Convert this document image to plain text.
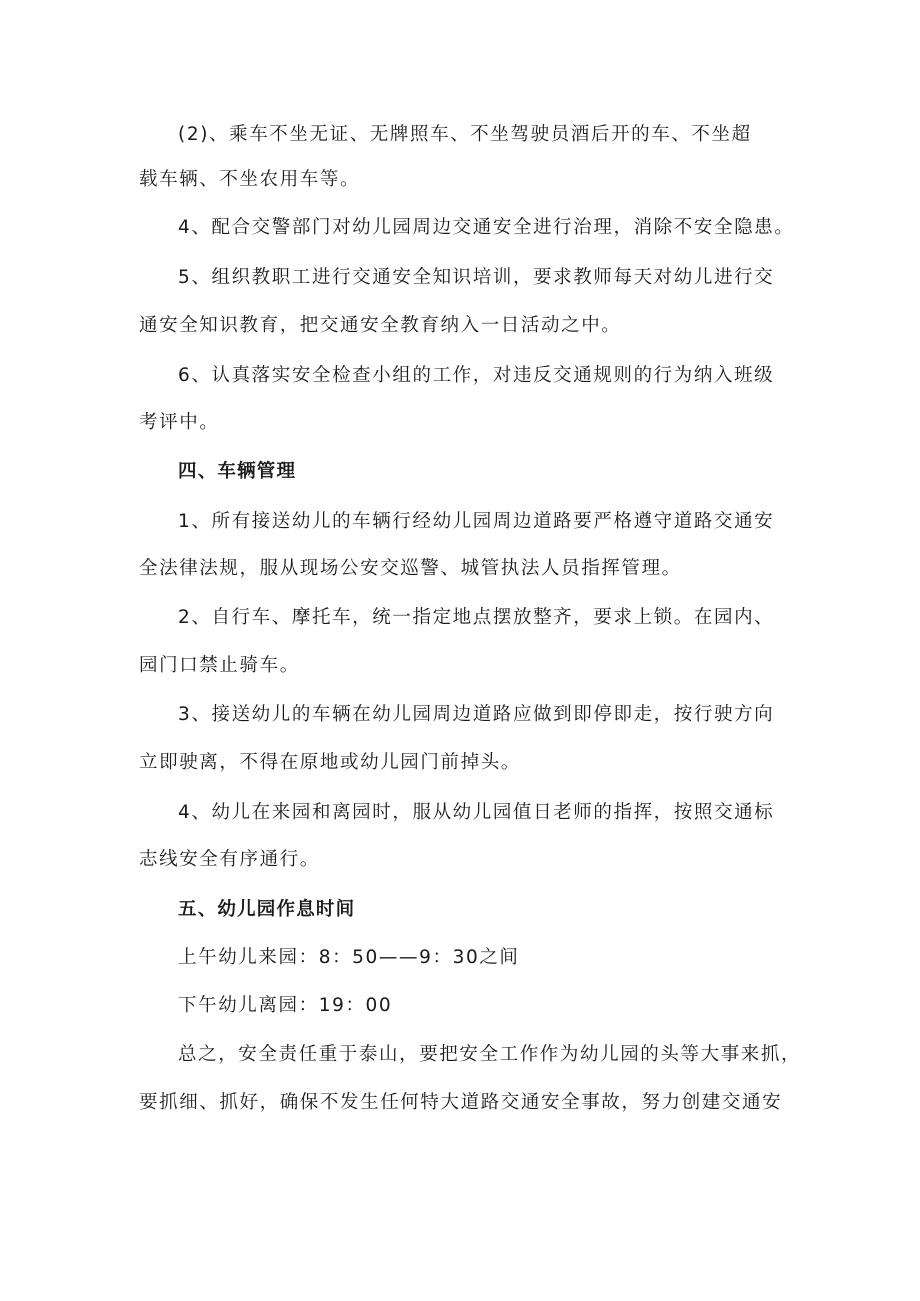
(2)、乘车不坐无证、无牌照车、不坐驾驶员酒后开的车、不坐超
载车辆、不坐农用车等。
4、配合交警部门对幼儿园周边交通安全进行治理，消除不安全隐患。
5、组织教职工进行交通安全知识培训，要求教师每天对幼儿进行交
通安全知识教育，把交通安全教育纳入一日活动之中。
6、认真落实安全检查小组的工作，对违反交通规则的行为纳入班级
考评中。
四、车辆管理
1、所有接送幼儿的车辆行经幼儿园周边道路要严格遵守道路交通安
全法律法规，服从现场公安交巡警、城管执法人员指挥管理。
2、自行车、摩托车，统一指定地点摆放整齐，要求上锁。在园内、
园门口禁止骑车。
3、接送幼儿的车辆在幼儿园周边道路应做到即停即走，按行驶方向
立即驶离，不得在原地或幼儿园门前掉头。
4、幼儿在来园和离园时，服从幼儿园值日老师的指挥，按照交通标
志线安全有序通行。
五、幼儿园作息时间
上午幼儿来园：8：50——9：30之间
下午幼儿离园：19：00
总之，安全责任重于泰山，要把安全工作作为幼儿园的头等大事来抓，
要抓细、抓好，确保不发生任何特大道路交通安全事故，努力创建交通安
